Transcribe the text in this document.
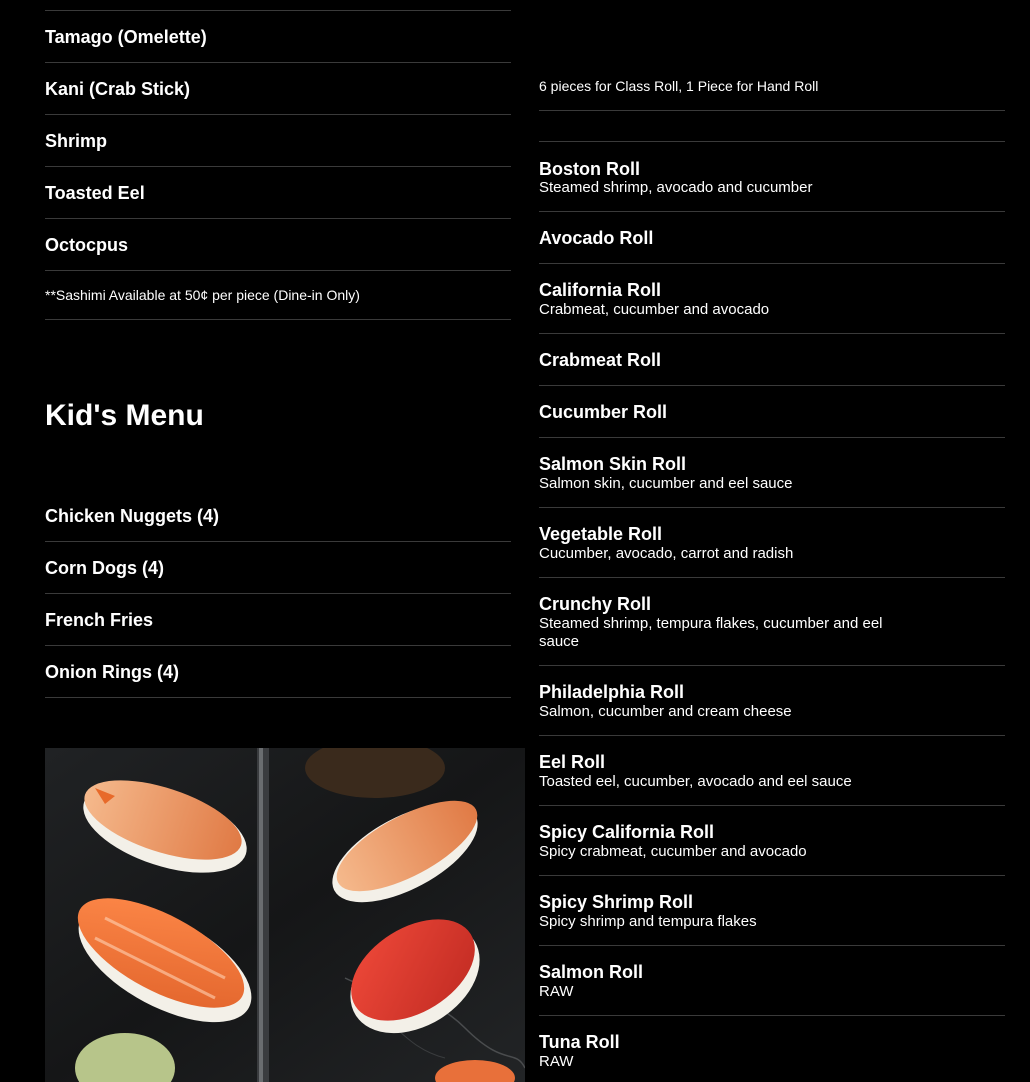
Tamago (Omelette)
Kani (Crab Stick)
Shrimp
Toasted Eel
Octocpus
**Sashimi Available at 50¢ per piece (Dine-in Only)
Kid's Menu
Chicken Nuggets (4)
Corn Dogs (4)
French Fries
Onion Rings (4)
6 pieces for Class Roll, 1 Piece for Hand Roll
Boston Roll
Steamed shrimp, avocado and cucumber
Avocado Roll
California Roll
Crabmeat, cucumber and avocado
Crabmeat Roll
Cucumber Roll
Salmon Skin Roll
Salmon skin, cucumber and eel sauce
Vegetable Roll
Cucumber, avocado, carrot and radish
Crunchy Roll
Steamed shrimp, tempura flakes, cucumber and eel sauce
Philadelphia Roll
Salmon, cucumber and cream cheese
Eel Roll
Toasted eel, cucumber, avocado and eel sauce
Spicy California Roll
Spicy crabmeat, cucumber and avocado
Spicy Shrimp Roll
Spicy shrimp and tempura flakes
Salmon Roll
RAW
Tuna Roll
RAW
